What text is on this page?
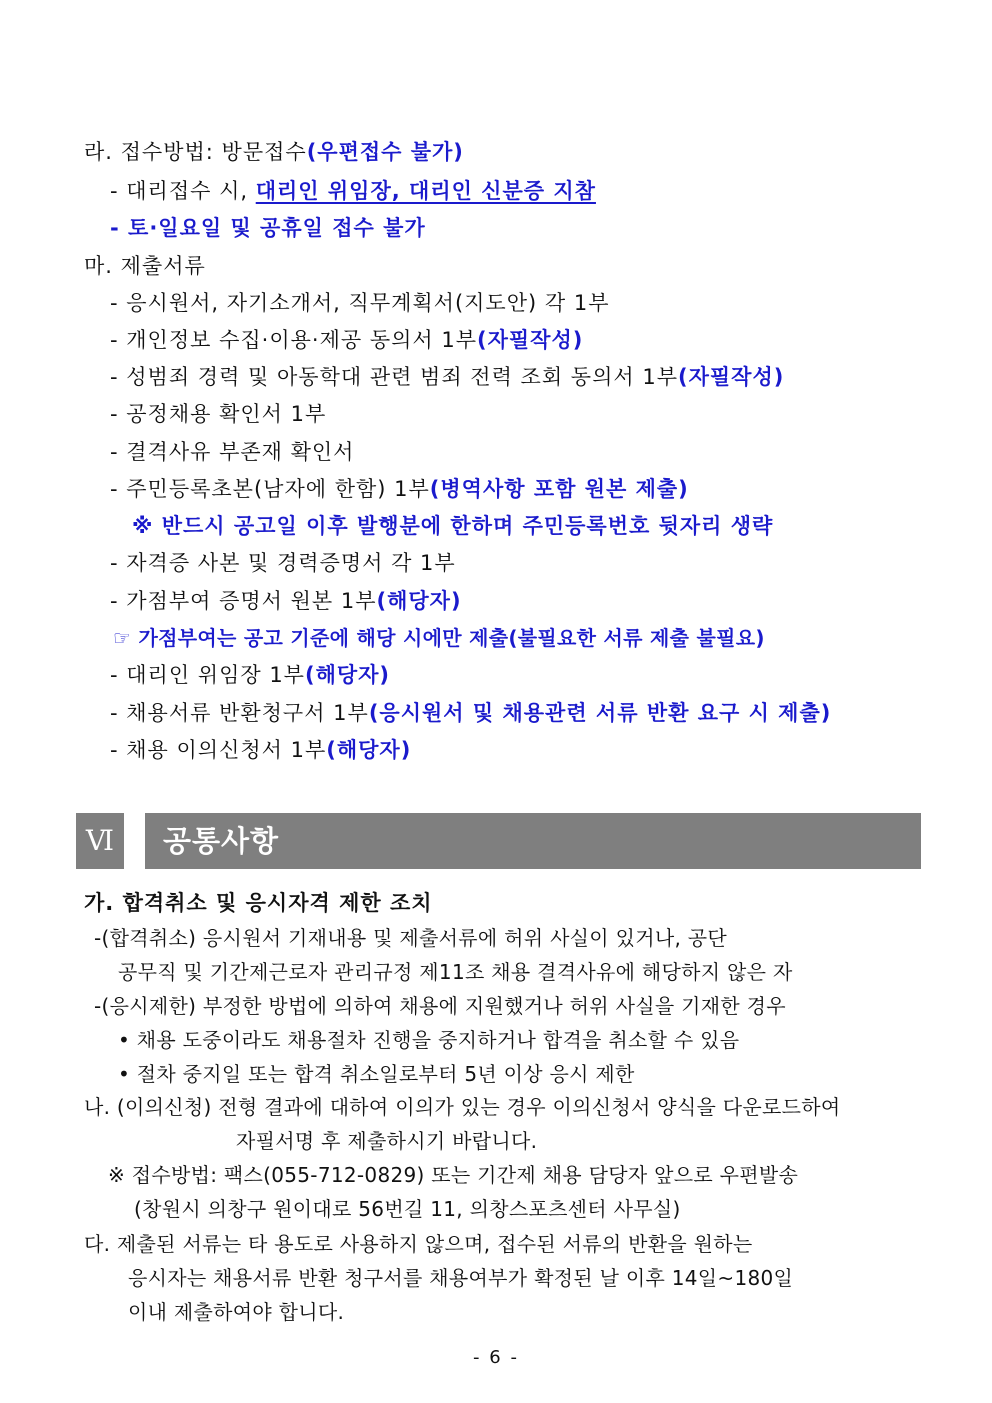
라. 접수방법: 방문접수(우편접수 불가)
- 대리접수 시, 대리인 위임장, 대리인 신분증 지참
- 토·일요일 및 공휴일 접수 불가
마. 제출서류
- 응시원서, 자기소개서, 직무계획서(지도안) 각 1부
- 개인정보 수집·이용·제공 동의서 1부(자필작성)
- 성범죄 경력 및 아동학대 관련 범죄 전력 조회 동의서 1부(자필작성)
- 공정채용 확인서 1부
- 결격사유 부존재 확인서
- 주민등록초본(남자에 한함) 1부(병역사항 포함 원본 제출)
※ 반드시 공고일 이후 발행분에 한하며 주민등록번호 뒷자리 생략
- 자격증 사본 및 경력증명서 각 1부
- 가점부여 증명서 원본 1부(해당자)
☞ 가점부여는 공고 기준에 해당 시에만 제출(불필요한 서류 제출 불필요)
- 대리인 위임장 1부(해당자)
- 채용서류 반환청구서 1부(응시원서 및 채용관련 서류 반환 요구 시 제출)
- 채용 이의신청서 1부(해당자)
Ⅵ	공통사항
가. 합격취소 및 응시자격 제한 조치
-(합격취소) 응시원서 기재내용 및 제출서류에 허위 사실이 있거나, 공단
공무직 및 기간제근로자 관리규정 제11조 채용 결격사유에 해당하지 않은 자
-(응시제한) 부정한 방법에 의하여 채용에 지원했거나 허위 사실을 기재한 경우
• 채용 도중이라도 채용절차 진행을 중지하거나 합격을 취소할 수 있음
• 절차 중지일 또는 합격 취소일로부터 5년 이상 응시 제한
나. (이의신청) 전형 결과에 대하여 이의가 있는 경우 이의신청서 양식을 다운로드하여
자필서명 후 제출하시기 바랍니다.
※ 접수방법: 팩스(055-712-0829) 또는 기간제 채용 담당자 앞으로 우편발송
(창원시 의창구 원이대로 56번길 11, 의창스포츠센터 사무실)
다. 제출된 서류는 타 용도로 사용하지 않으며, 접수된 서류의 반환을 원하는
응시자는 채용서류 반환 청구서를 채용여부가 확정된 날 이후 14일~180일
이내 제출하여야 합니다.
- 6 -
